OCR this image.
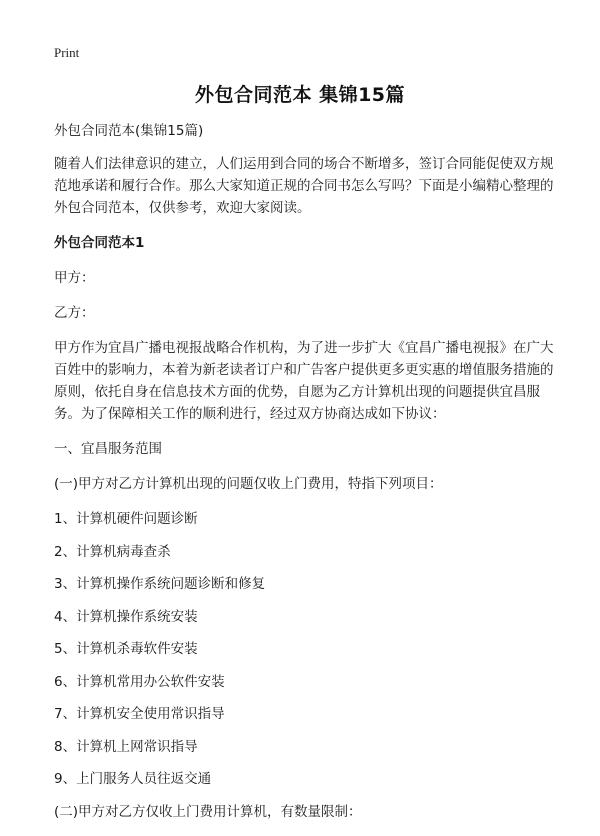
Print
外包合同范本 集锦15篇

外包合同范本(集锦15篇)

随着人们法律意识的建立，人们运用到合同的场合不断增多，签订合同能促使双方规范地承诺和履行合作。那么大家知道正规的合同书怎么写吗？下面是小编精心整理的外包合同范本，仅供参考，欢迎大家阅读。

外包合同范本1

甲方：

乙方：

甲方作为宜昌广播电视报战略合作机构，为了进一步扩大《宜昌广播电视报》在广大百姓中的影响力，本着为新老读者订户和广告客户提供更多更实惠的增值服务措施的原则，依托自身在信息技术方面的优势，自愿为乙方计算机出现的问题提供宜昌服务。为了保障相关工作的顺利进行，经过双方协商达成如下协议：

一、宜昌服务范围

(一)甲方对乙方计算机出现的问题仅收上门费用，特指下列项目：

1、计算机硬件问题诊断
2、计算机病毒查杀
3、计算机操作系统问题诊断和修复
4、计算机操作系统安装
5、计算机杀毒软件安装
6、计算机常用办公软件安装
7、计算机安全使用常识指导
8、计算机上网常识指导
9、上门服务人员往返交通

(二)甲方对乙方仅收上门费用计算机，有数量限制：
